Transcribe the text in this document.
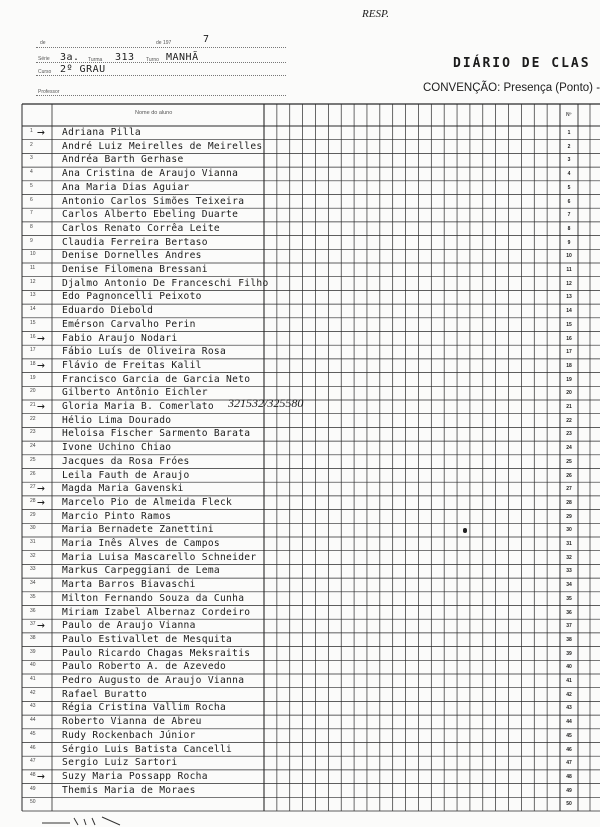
RESP.
de	de 197	7
Série 3a. Turma 313 Turno MANHÃ
Curso 2º GRAU
Professor
DIÁRIO DE CLAS
CONVENÇÃO: Presença (Ponto) -
Nome do aluno	Nº
1 → Adriana Pilla	1
2	André Luiz Meirelles de Meirelles	2
3	Andréa Barth Gerhase	3
4	Ana Cristina de Araujo Vianna	4
5	Ana Maria Dias Aguiar	5
6	Antonio Carlos Simões Teixeira	6
7	Carlos Alberto Ebeling Duarte	7
8	Carlos Renato Corrêa Leite	8
9	Claudia Ferreira Bertaso	9
10	Denise Dornelles Andres	10
11	Denise Filomena Bressani	11
12	Djalmo Antonio De Franceschi Filho	12
13	Edo Pagnoncelli Peixoto	13
14	Eduardo Diebold	14
15	Emérson Carvalho Perin	15
16 → Fabio Araujo Nodari	16
17	Fábio Luís de Oliveira Rosa	17
18 → Flávio de Freitas Kalil	18
19	Francisco Garcia de Garcia Neto	19
20	Gilberto Antônio Eichler	20
21 → Gloria Maria B. Comerlato 321532/325580	21
22	Hélio Lima Dourado	22
23	Heloisa Fischer Sarmento Barata	23
24	Ivone Uchino Chiao	24
25	Jacques da Rosa Fróes	25
26	Leila Fauth de Araujo	26
27 → Magda Maria Gavenski	27
28 → Marcelo Pio de Almeida Fleck	28
29	Marcio Pinto Ramos	29
30	Maria Bernadete Zanettini	30
31	Maria Inês Alves de Campos	31
32	Maria Luisa Mascarello Schneider	32
33	Markus Carpeggiani de Lema	33
34	Marta Barros Biavaschi	34
35	Milton Fernando Souza da Cunha	35
36	Miriam Izabel Albernaz Cordeiro	36
37 → Paulo de Araujo Vianna	37
38	Paulo Estivallet de Mesquita	38
39	Paulo Ricardo Chagas Meksraitis	39
40	Paulo Roberto A. de Azevedo	40
41	Pedro Augusto de Araujo Vianna	41
42	Rafael Buratto	42
43	Régia Cristina Vallim Rocha	43
44	Roberto Vianna de Abreu	44
45	Rudy Rockenbach Júnior	45
46	Sérgio Luis Batista Cancelli	46
47	Sergio Luiz Sartori	47
48 → Suzy Maria Possapp Rocha	48
49	Themis Maria de Moraes	49
50	50
